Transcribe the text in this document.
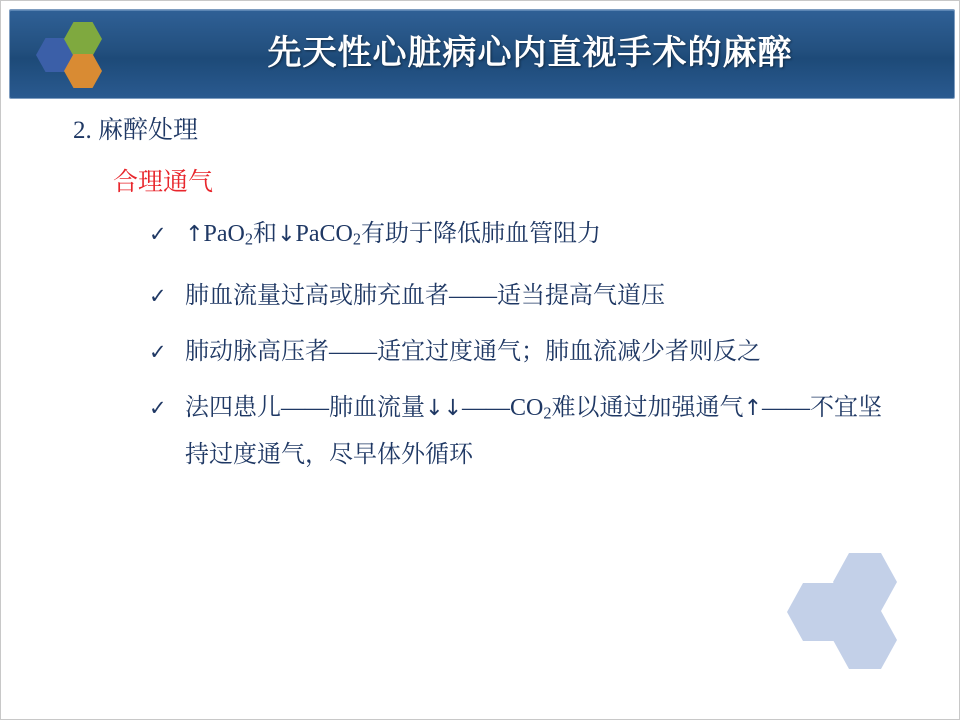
先天性心脏病心内直视手术的麻醉
2. 麻醉处理
合理通气
✓ ↑PaO$_2$和↓PaCO$_2$有助于降低肺血管阻力
✓ 肺血流量过高或肺充血者——适当提高气道压
✓ 肺动脉高压者——适宜过度通气；肺血流减少者则反之
✓ 法四患儿——肺血流量$↓↓——CO_2$难以通过加强通气↑——不宜坚持过度通气，尽早体外循环
